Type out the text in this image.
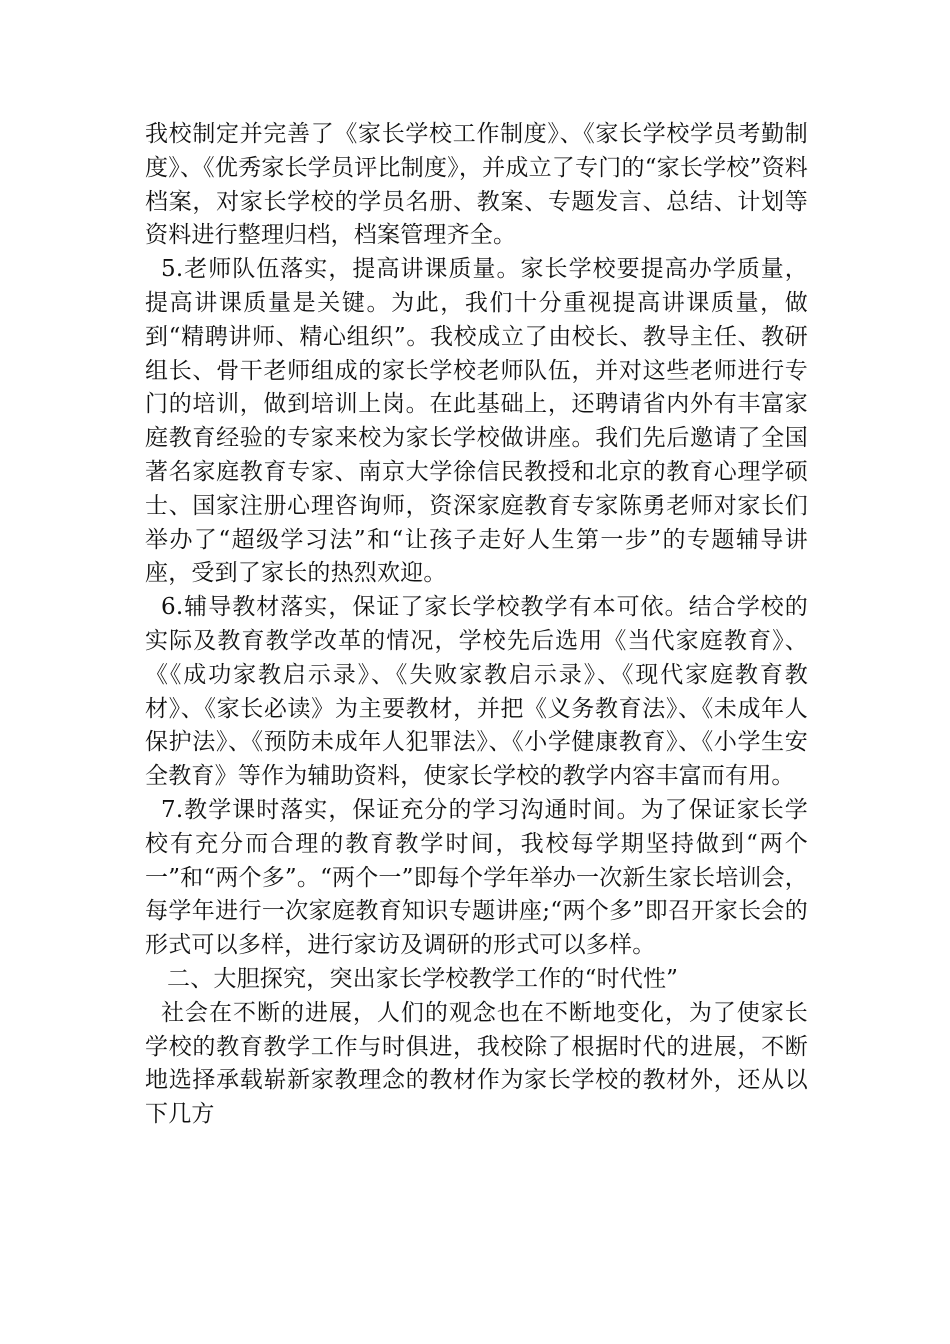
我校制定并完善了《家长学校工作制度》、《家长学校学员考勤制度》、《优秀家长学员评比制度》，并成立了专门的“家长学校”资料档案，对家长学校的学员名册、教案、专题发言、总结、计划等资料进行整理归档，档案管理齐全。

5.老师队伍落实，提高讲课质量。家长学校要提高办学质量，提高讲课质量是关键。为此，我们十分重视提高讲课质量，做到“精聘讲师、精心组织”。我校成立了由校长、教导主任、教研组长、骨干老师组成的家长学校老师队伍，并对这些老师进行专门的培训，做到培训上岗。在此基础上，还聘请省内外有丰富家庭教育经验的专家来校为家长学校做讲座。我们先后邀请了全国著名家庭教育专家、南京大学徐信民教授和北京的教育心理学硕士、国家注册心理咨询师，资深家庭教育专家陈勇老师对家长们举办了“超级学习法”和“让孩子走好人生第一步”的专题辅导讲座，受到了家长的热烈欢迎。

6.辅导教材落实，保证了家长学校教学有本可依。结合学校的实际及教育教学改革的情况，学校先后选用《当代家庭教育》、《《成功家教启示录》、《失败家教启示录》、《现代家庭教育教材》、《家长必读》为主要教材，并把《义务教育法》、《未成年人保护法》、《预防未成年人犯罪法》、《小学健康教育》、《小学生安全教育》等作为辅助资料，使家长学校的教学内容丰富而有用。

7.教学课时落实，保证充分的学习沟通时间。为了保证家长学校有充分而合理的教育教学时间，我校每学期坚持做到“两个一”和“两个多”。“两个一”即每个学年举办一次新生家长培训会，每学年进行一次家庭教育知识专题讲座;“两个多”即召开家长会的形式可以多样，进行家访及调研的形式可以多样。

二、大胆探究，突出家长学校教学工作的“时代性”

社会在不断的进展，人们的观念也在不断地变化，为了使家长学校的教育教学工作与时俱进，我校除了根据时代的进展，不断地选择承载崭新家教理念的教材作为家长学校的教材外，还从以下几方
